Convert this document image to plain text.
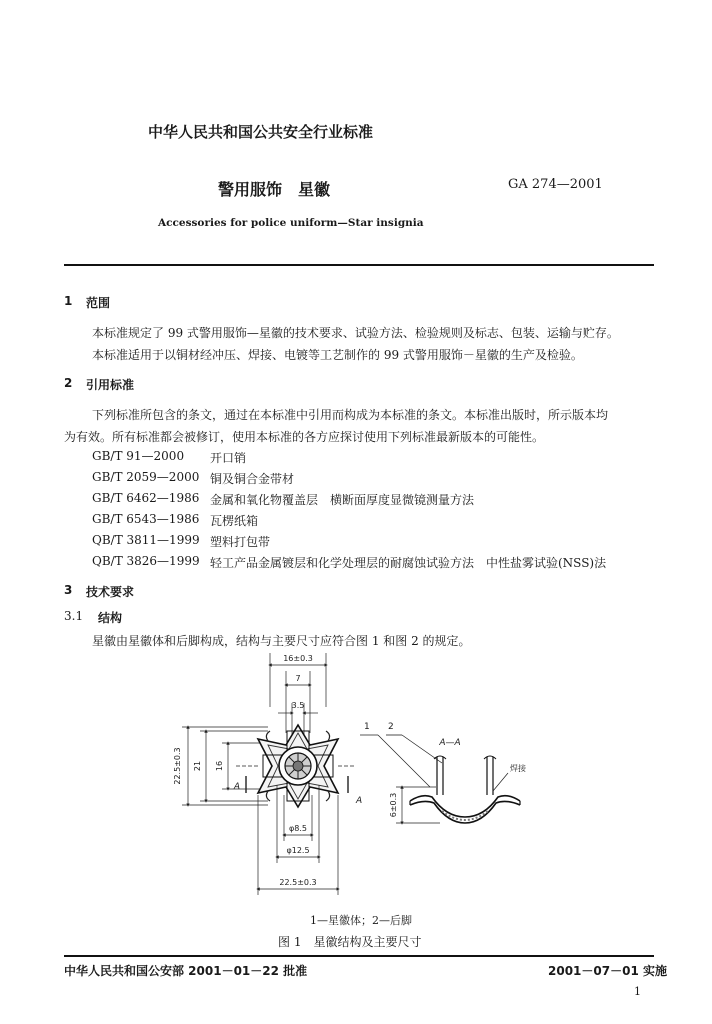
中华人民共和国公共安全行业标准
警用服饰　星徽	GA 274—2001
Accessories for police uniform—Star insignia
1 范围
本标准规定了 99 式警用服饰—星徽的技术要求、试验方法、检验规则及标志、包装、运输与贮存。
本标准适用于以铜材经冲压、焊接、电镀等工艺制作的 99 式警用服饰－星徽的生产及检验。
2 引用标准
下列标准所包含的条文，通过在本标准中引用而构成为本标准的条文。本标准出版时，所示版本均
为有效。所有标准都会被修订，使用本标准的各方应探讨使用下列标准最新版本的可能性。
GB/T 91—2000 开口销
GB/T 2059—2000 铜及铜合金带材
GB/T 6462—1986 金属和氧化物覆盖层　横断面厚度显微镜测量方法
GB/T 6543—1986 瓦楞纸箱
QB/T 3811—1999 塑料打包带
QB/T 3826—1999 轻工产品金属镀层和化学处理层的耐腐蚀试验方法　中性盐雾试验(NSS)法
3 技术要求
3.1 结构
星徽由星徽体和后脚构成，结构与主要尺寸应符合图 1 和图 2 的规定。
16±0.3
7
3.5
22.5±0.3 21 16
A
A
φ8.5
φ12.5
22.5±0.3
1 2
A—A
焊接
6±0.3
1—星徽体；2—后脚
图 1　星徽结构及主要尺寸
中华人民共和国公安部 2001－01－22 批准	2001－07－01 实施
1
